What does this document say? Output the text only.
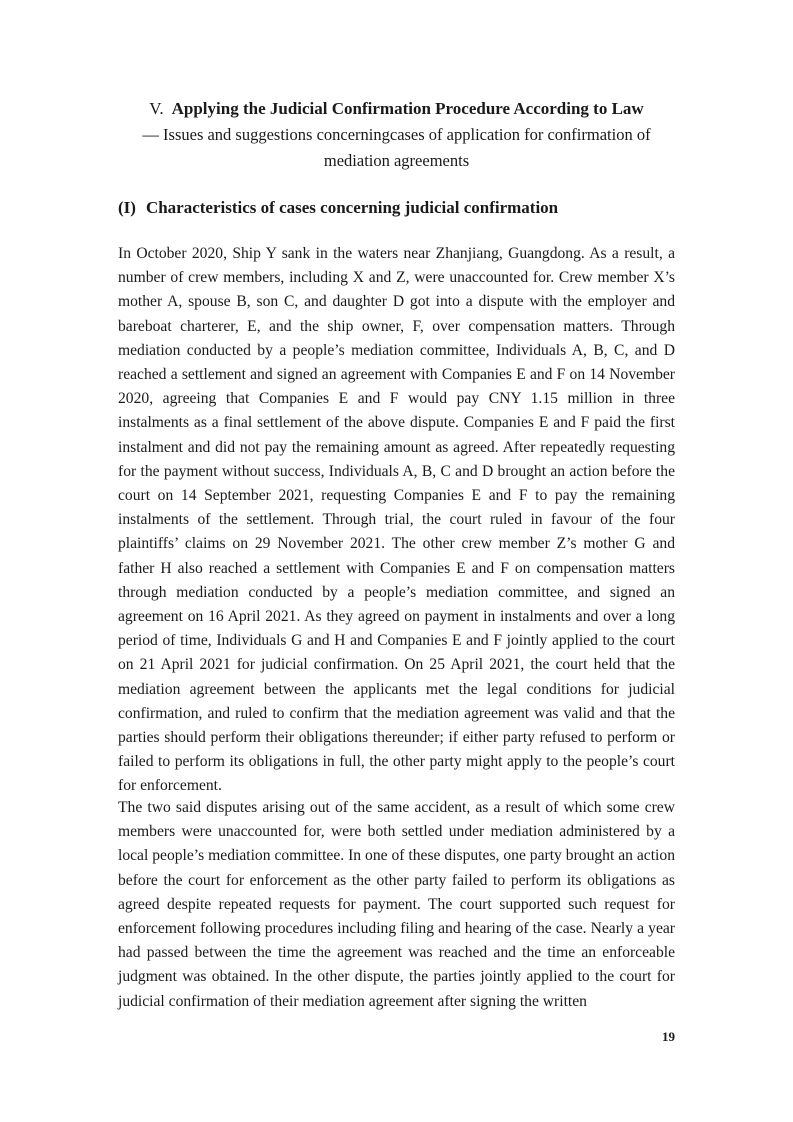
V. Applying the Judicial Confirmation Procedure According to Law
— Issues and suggestions concerningcases of application for confirmation of mediation agreements
(I) Characteristics of cases concerning judicial confirmation

In October 2020, Ship Y sank in the waters near Zhanjiang, Guangdong. As a result, a number of crew members, including X and Z, were unaccounted for. Crew member X’s mother A, spouse B, son C, and daughter D got into a dispute with the employer and bareboat charterer, E, and the ship owner, F, over compensation matters. Through mediation conducted by a people’s mediation committee, Individuals A, B, C, and D reached a settlement and signed an agreement with Companies E and F on 14 November 2020, agreeing that Companies E and F would pay CNY 1.15 million in three instalments as a final settlement of the above dispute. Companies E and F paid the first instalment and did not pay the remaining amount as agreed. After repeatedly requesting for the payment without success, Individuals A, B, C and D brought an action before the court on 14 September 2021, requesting Companies E and F to pay the remaining instalments of the settlement. Through trial, the court ruled in favour of the four plaintiffs’ claims on 29 November 2021. The other crew member Z’s mother G and father H also reached a settlement with Companies E and F on compensation matters through mediation conducted by a people’s mediation committee, and signed an agreement on 16 April 2021. As they agreed on payment in instalments and over a long period of time, Individuals G and H and Companies E and F jointly applied to the court on 21 April 2021 for judicial confirmation. On 25 April 2021, the court held that the mediation agreement between the applicants met the legal conditions for judicial confirmation, and ruled to confirm that the mediation agreement was valid and that the parties should perform their obligations thereunder; if either party refused to perform or failed to perform its obligations in full, the other party might apply to the people’s court for enforcement.

The two said disputes arising out of the same accident, as a result of which some crew members were unaccounted for, were both settled under mediation administered by a local people’s mediation committee. In one of these disputes, one party brought an action before the court for enforcement as the other party failed to perform its obligations as agreed despite repeated requests for payment. The court supported such request for enforcement following procedures including filing and hearing of the case. Nearly a year had passed between the time the agreement was reached and the time an enforceable judgment was obtained. In the other dispute, the parties jointly applied to the court for judicial confirmation of their mediation agreement after signing the written

19
